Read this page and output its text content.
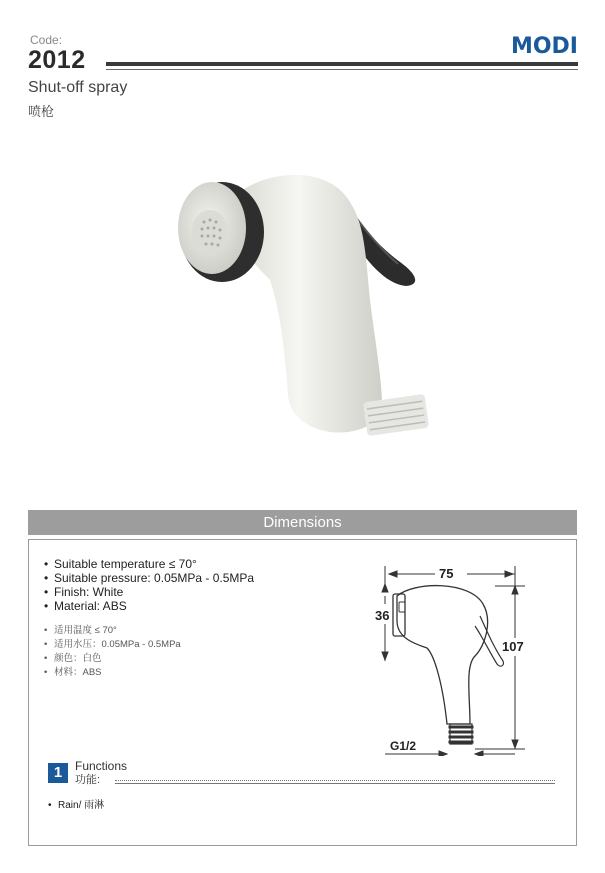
Code:
2012	MODI
Shut-off spray
喷枪
Dimensions
• Suitable temperature ≤ 70°
• Suitable pressure: 0.05MPa - 0.5MPa
• Finish: White
• Material: ABS
• 适用温度 ≤ 70°
• 适用水压：0.05MPa - 0.5MPa
• 颜色：白色
• 材料：ABS
75
36
107
G1/2
1	Functions
功能:
• Rain/ 雨淋
